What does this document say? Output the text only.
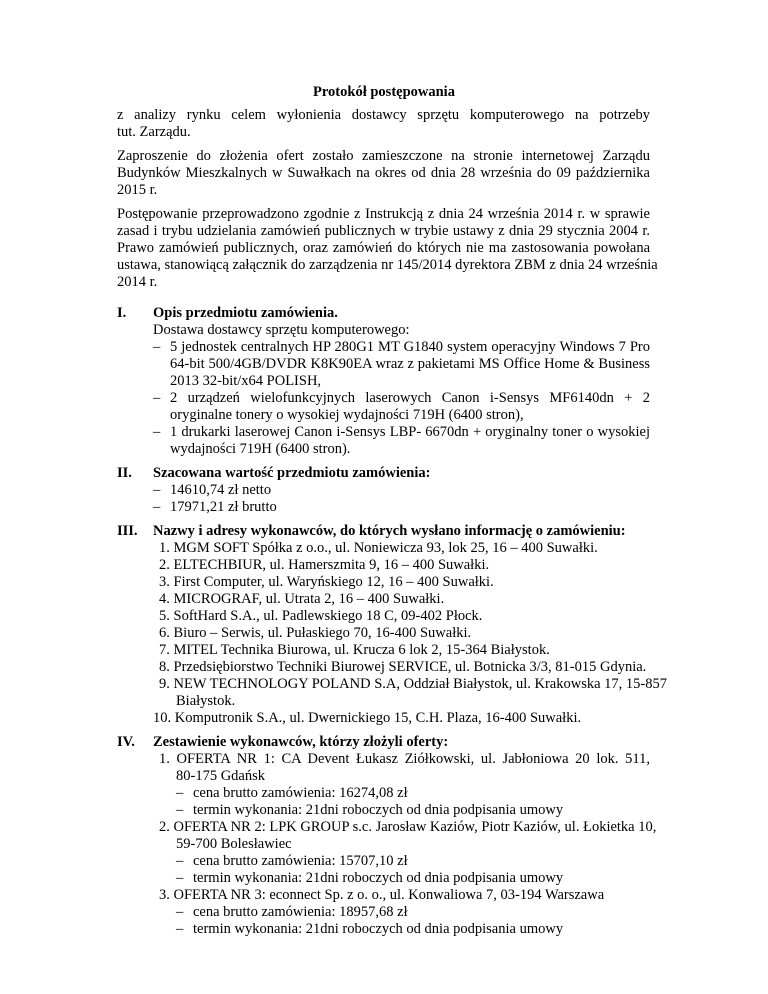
Protokół postępowania
z analizy rynku celem wyłonienia dostawcy sprzętu komputerowego na potrzeby
tut. Zarządu.
Zaproszenie do złożenia ofert zostało zamieszczone na stronie internetowej Zarządu
Budynków Mieszkalnych w Suwałkach na okres od dnia 28 września do 09 października
2015 r.
Postępowanie przeprowadzono zgodnie z Instrukcją z dnia 24 września 2014 r. w sprawie
zasad i trybu udzielania zamówień publicznych w trybie ustawy z dnia 29 stycznia 2004 r.
Prawo zamówień publicznych, oraz zamówień do których nie ma zastosowania powołana
ustawa, stanowiącą załącznik do zarządzenia nr 145/2014 dyrektora ZBM z dnia 24 września
2014 r.
I. Opis przedmiotu zamówienia.
Dostawa dostawcy sprzętu komputerowego:
– 5 jednostek centralnych HP 280G1 MT G1840 system operacyjny Windows 7 Pro
64-bit 500/4GB/DVDR K8K90EA wraz z pakietami MS Office Home & Business
2013 32-bit/x64 POLISH,
– 2 urządzeń wielofunkcyjnych laserowych Canon i-Sensys MF6140dn + 2
oryginalne tonery o wysokiej wydajności 719H (6400 stron),
– 1 drukarki laserowej Canon i-Sensys LBP- 6670dn + oryginalny toner o wysokiej
wydajności 719H (6400 stron).
II. Szacowana wartość przedmiotu zamówienia:
– 14610,74 zł netto
– 17971,21 zł brutto
III. Nazwy i adresy wykonawców, do których wysłano informację o zamówieniu:
1. MGM SOFT Spółka z o.o., ul. Noniewicza 93, lok 25, 16 – 400 Suwałki.
2. ELTECHBIUR, ul. Hamerszmita 9, 16 – 400 Suwałki.
3. First Computer, ul. Waryńskiego 12, 16 – 400 Suwałki.
4. MICROGRAF, ul. Utrata 2, 16 – 400 Suwałki.
5. SoftHard S.A., ul. Padlewskiego 18 C, 09-402 Płock.
6. Biuro – Serwis, ul. Pułaskiego 70, 16-400 Suwałki.
7. MITEL Technika Biurowa, ul. Krucza 6 lok 2, 15-364 Białystok.
8. Przedsiębiorstwo Techniki Biurowej SERVICE, ul. Botnicka 3/3, 81-015 Gdynia.
9. NEW TECHNOLOGY POLAND S.A, Oddział Białystok, ul. Krakowska 17, 15-857
Białystok.
10. Komputronik S.A., ul. Dwernickiego 15, C.H. Plaza, 16-400 Suwałki.
IV. Zestawienie wykonawców, którzy złożyli oferty:
1. OFERTA NR 1: CA Devent Łukasz Ziółkowski, ul. Jabłoniowa 20 lok. 511,
80-175 Gdańsk
– cena brutto zamówienia: 16274,08 zł
– termin wykonania: 21dni roboczych od dnia podpisania umowy
2. OFERTA NR 2: LPK GROUP s.c. Jarosław Kaziów, Piotr Kaziów, ul. Łokietka 10,
59-700 Bolesławiec
– cena brutto zamówienia: 15707,10 zł
– termin wykonania: 21dni roboczych od dnia podpisania umowy
3. OFERTA NR 3: econnect Sp. z o. o., ul. Konwaliowa 7, 03-194 Warszawa
– cena brutto zamówienia: 18957,68 zł
– termin wykonania: 21dni roboczych od dnia podpisania umowy
